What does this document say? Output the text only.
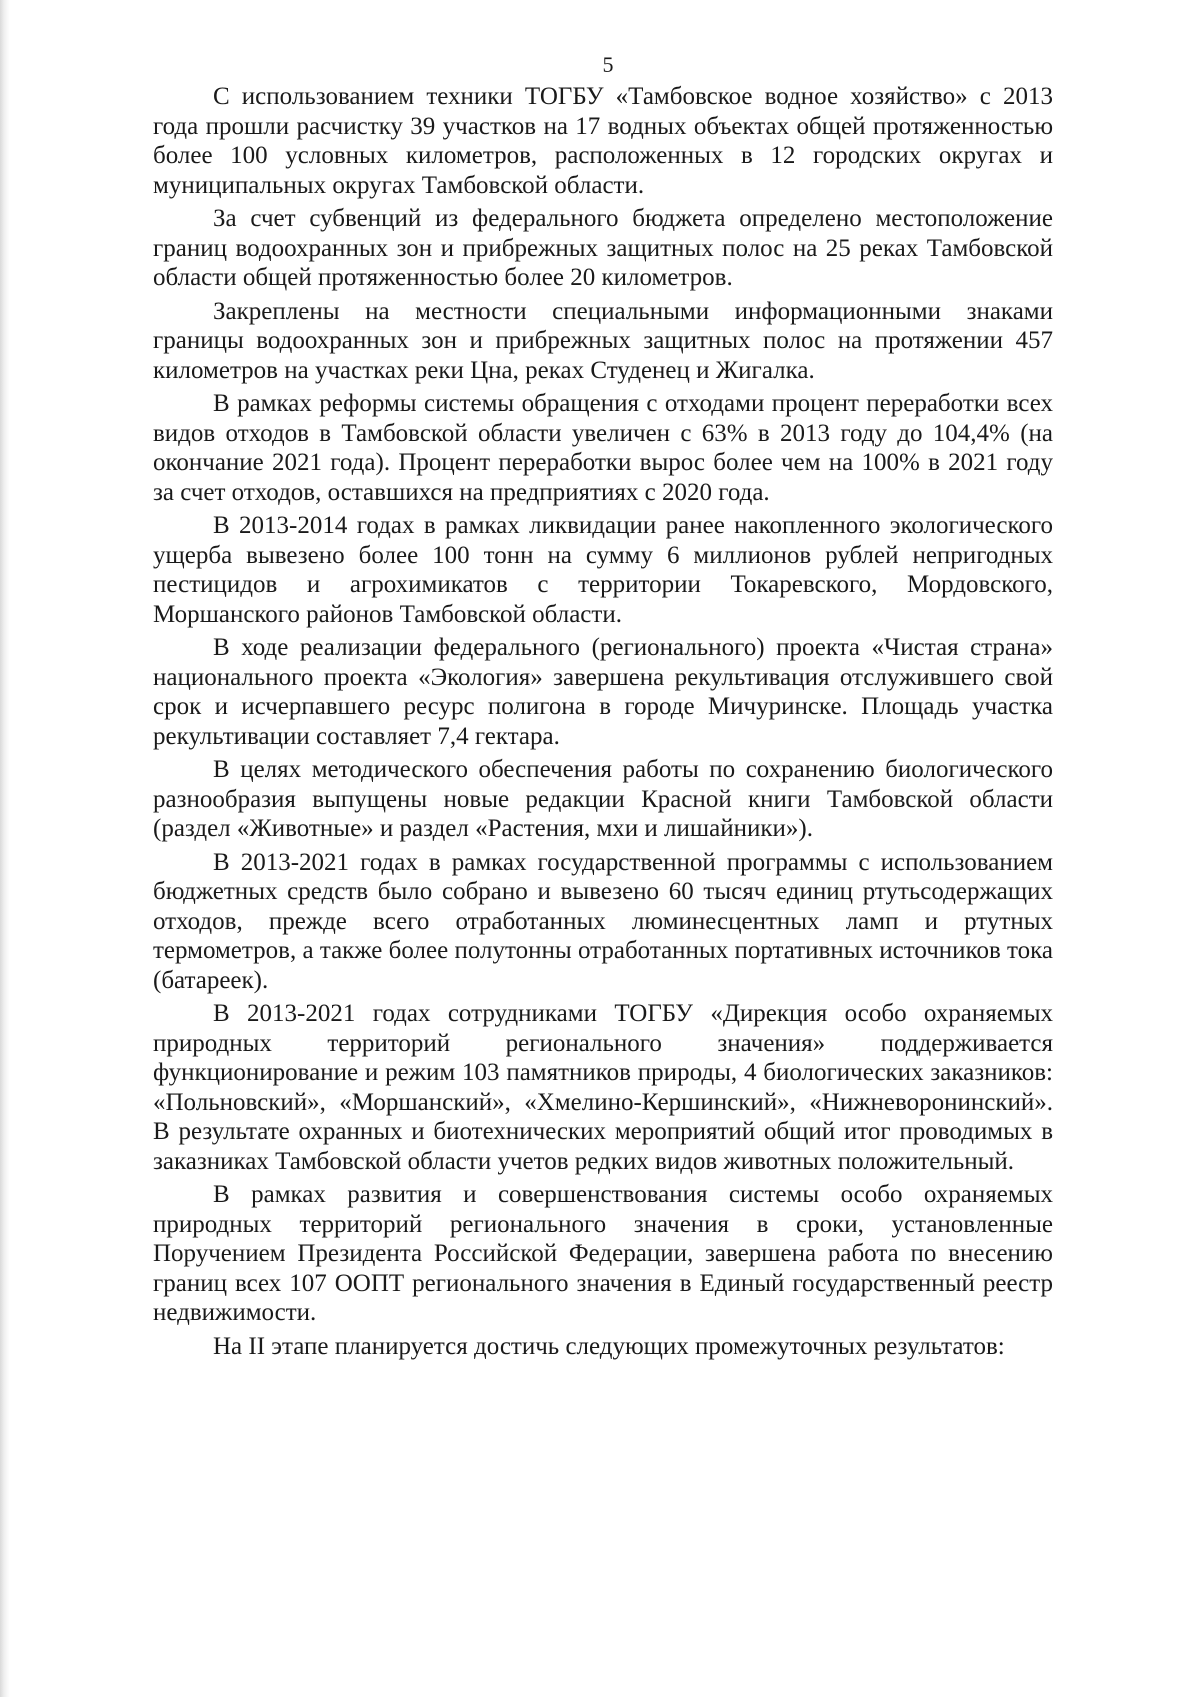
5

С использованием техники ТОГБУ «Тамбовское водное хозяйство» с 2013 года прошли расчистку 39 участков на 17 водных объектах общей протяженностью более 100 условных километров, расположенных в 12 городских округах и муниципальных округах Тамбовской области.

За счет субвенций из федерального бюджета определено местоположение границ водоохранных зон и прибрежных защитных полос на 25 реках Тамбовской области общей протяженностью более 20 километров.

Закреплены на местности специальными информационными знаками границы водоохранных зон и прибрежных защитных полос на протяжении 457 километров на участках реки Цна, реках Студенец и Жигалка.

В рамках реформы системы обращения с отходами процент переработки всех видов отходов в Тамбовской области увеличен с 63% в 2013 году до 104,4% (на окончание 2021 года). Процент переработки вырос более чем на 100% в 2021 году за счет отходов, оставшихся на предприятиях с 2020 года.

В 2013-2014 годах в рамках ликвидации ранее накопленного экологического ущерба вывезено более 100 тонн на сумму 6 миллионов рублей непригодных пестицидов и агрохимикатов с территории Токаревского, Мордовского, Моршанского районов Тамбовской области.

В ходе реализации федерального (регионального) проекта «Чистая страна» национального проекта «Экология» завершена рекультивация отслужившего свой срок и исчерпавшего ресурс полигона в городе Мичуринске. Площадь участка рекультивации составляет 7,4 гектара.

В целях методического обеспечения работы по сохранению биологического разнообразия выпущены новые редакции Красной книги Тамбовской области (раздел «Животные» и раздел «Растения, мхи и лишайники»).

В 2013-2021 годах в рамках государственной программы с использованием бюджетных средств было собрано и вывезено 60 тысяч единиц ртутьсодержащих отходов, прежде всего отработанных люминесцентных ламп и ртутных термометров, а также более полутонны отработанных портативных источников тока (батареек).

В 2013-2021 годах сотрудниками ТОГБУ «Дирекция особо охраняемых природных территорий регионального значения» поддерживается функционирование и режим 103 памятников природы, 4 биологических заказников: «Польновский», «Моршанский», «Хмелино-Кершинский», «Нижневоронинский». В результате охранных и биотехнических мероприятий общий итог проводимых в заказниках Тамбовской области учетов редких видов животных положительный.

В рамках развития и совершенствования системы особо охраняемых природных территорий регионального значения в сроки, установленные Поручением Президента Российской Федерации, завершена работа по внесению границ всех 107 ООПТ регионального значения в Единый государственный реестр недвижимости.

На II этапе планируется достичь следующих промежуточных результатов:
